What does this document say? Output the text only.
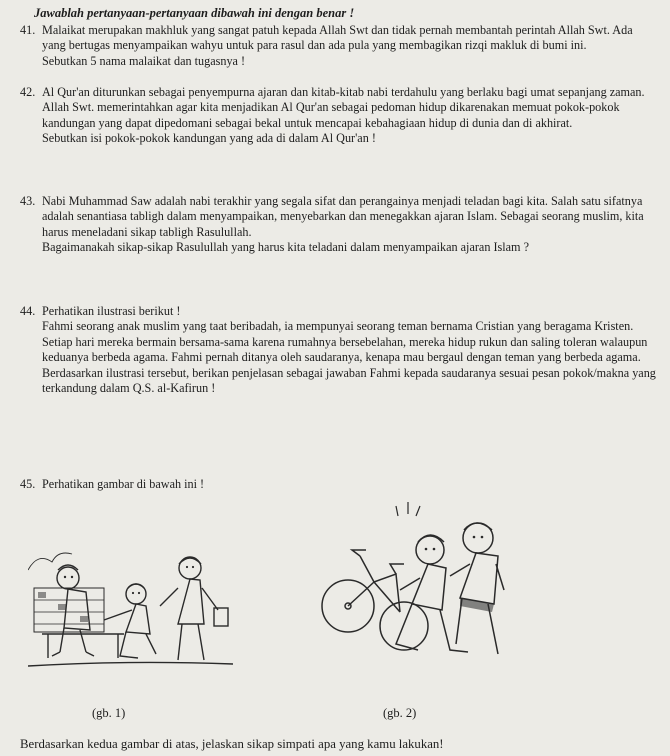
Jawablah pertanyaan-pertanyaan dibawah ini dengan benar !
41. Malaikat merupakan makhluk yang sangat patuh kepada Allah Swt dan tidak pernah membantah perintah Allah Swt. Ada yang bertugas menyampaikan wahyu untuk para rasul dan ada pula yang membagikan rizqi makluk di bumi ini.

Sebutkan 5 nama malaikat dan tugasnya !

42. Al Qur'an diturunkan sebagai penyempurna ajaran dan kitab-kitab nabi terdahulu yang berlaku bagi umat sepanjang zaman. Allah Swt. memerintahkan agar kita menjadikan Al Qur'an sebagai pedoman hidup dikarenakan memuat pokok-pokok kandungan yang dapat dipedomani sebagai bekal untuk mencapai kebahagiaan hidup di dunia dan di akhirat.

Sebutkan isi pokok-pokok kandungan yang ada di dalam Al Qur'an !

43. Nabi Muhammad Saw adalah nabi terakhir yang segala sifat dan perangainya menjadi teladan bagi kita. Salah satu sifatnya adalah senantiasa tabligh dalam menyampaikan, menyebarkan dan menegakkan ajaran Islam. Sebagai seorang muslim, kita harus meneladani sikap tabligh Rasulullah.

Bagaimanakah sikap-sikap Rasulullah yang harus kita teladani dalam menyampaikan ajaran Islam ?

44. Perhatikan ilustrasi berikut !

Fahmi seorang anak muslim yang taat beribadah, ia mempunyai seorang teman bernama Cristian yang beragama Kristen. Setiap hari mereka bermain bersama-sama karena rumahnya bersebelahan, mereka hidup rukun dan saling toleran walaupun keduanya berbeda agama. Fahmi pernah ditanya oleh saudaranya, kenapa mau bergaul dengan teman yang berbeda agama.

Berdasarkan ilustrasi tersebut, berikan penjelasan sebagai jawaban Fahmi kepada saudaranya sesuai pesan pokok/makna yang terkandung dalam Q.S. al-Kafirun !

45. Perhatikan gambar di bawah ini !

(gb. 1)	(gb. 2)
Berdasarkan kedua gambar di atas, jelaskan sikap simpati apa yang kamu lakukan!
